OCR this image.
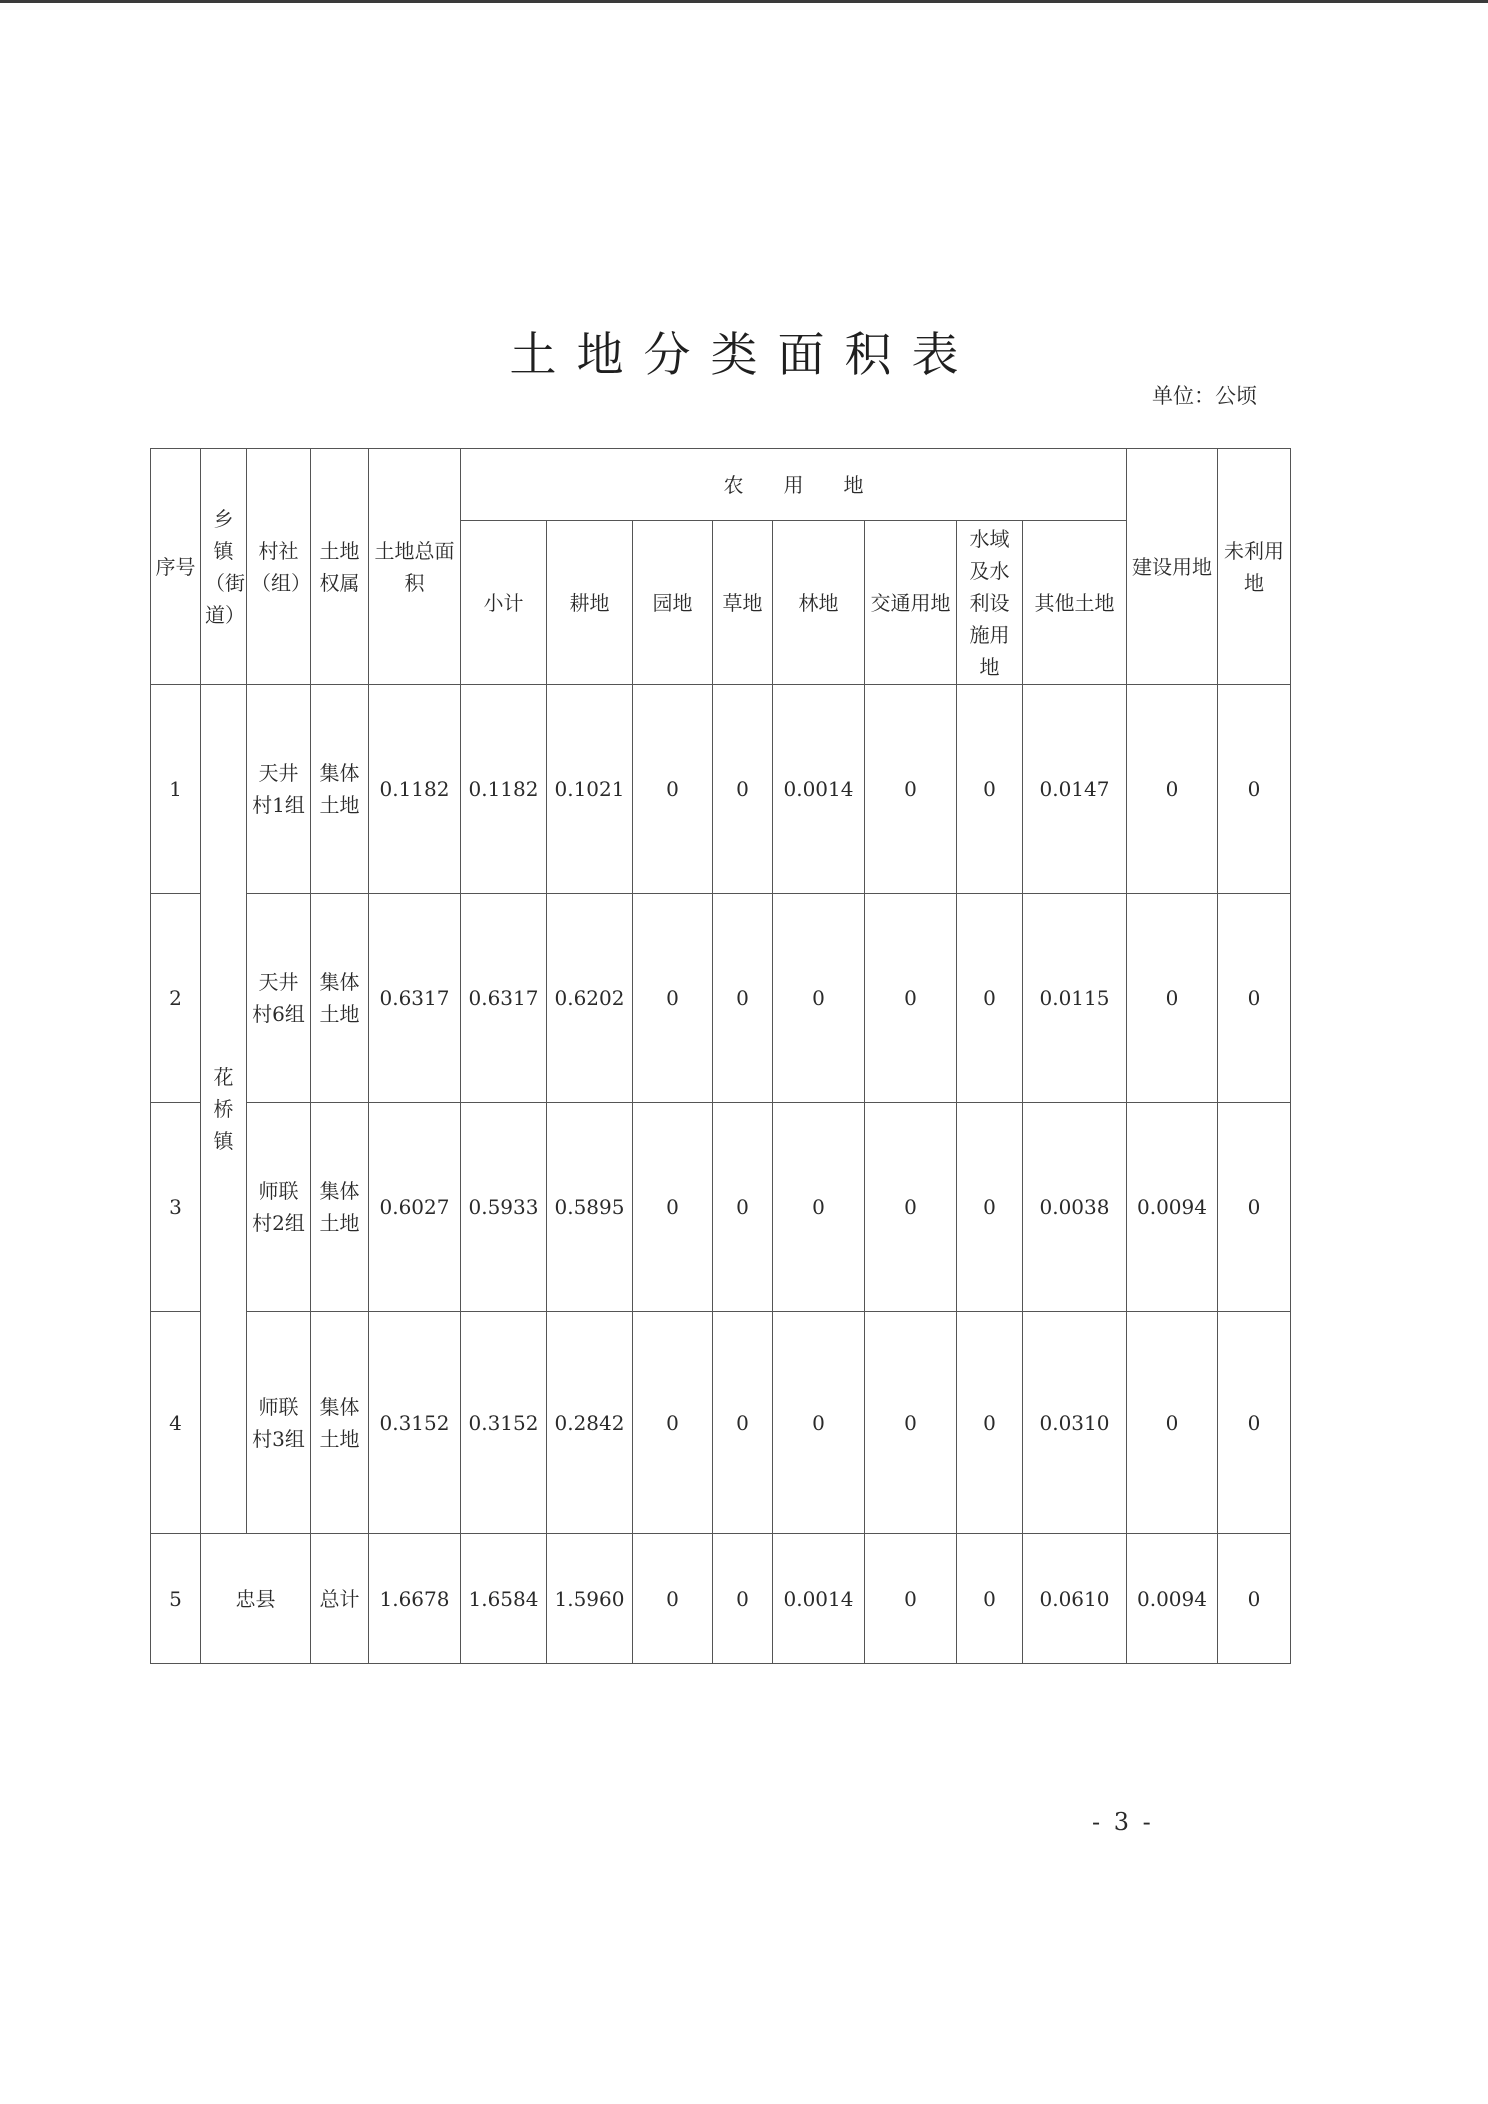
土地分类面积表
单位：公顷
序号	乡镇（街道）	村社（组）	土地权属	土地总面积	农　　用　　地								建设用地	未利用地
					小计	耕地	园地	草地	林地	交通用地	水域及水利设施用地	其他土地		
1	花桥镇	天井村1组	集体土地	0.1182	0.1182	0.1021	0	0	0.0014	0	0	0.0147	0	0
2		天井村6组	集体土地	0.6317	0.6317	0.6202	0	0	0	0	0	0.0115	0	0
3		师联村2组	集体土地	0.6027	0.5933	0.5895	0	0	0	0	0	0.0038	0.0094	0
4		师联村3组	集体土地	0.3152	0.3152	0.2842	0	0	0	0	0	0.0310	0	0
5	忠县		总计	1.6678	1.6584	1.5960	0	0	0.0014	0	0	0.0610	0.0094	0
- 3 -
